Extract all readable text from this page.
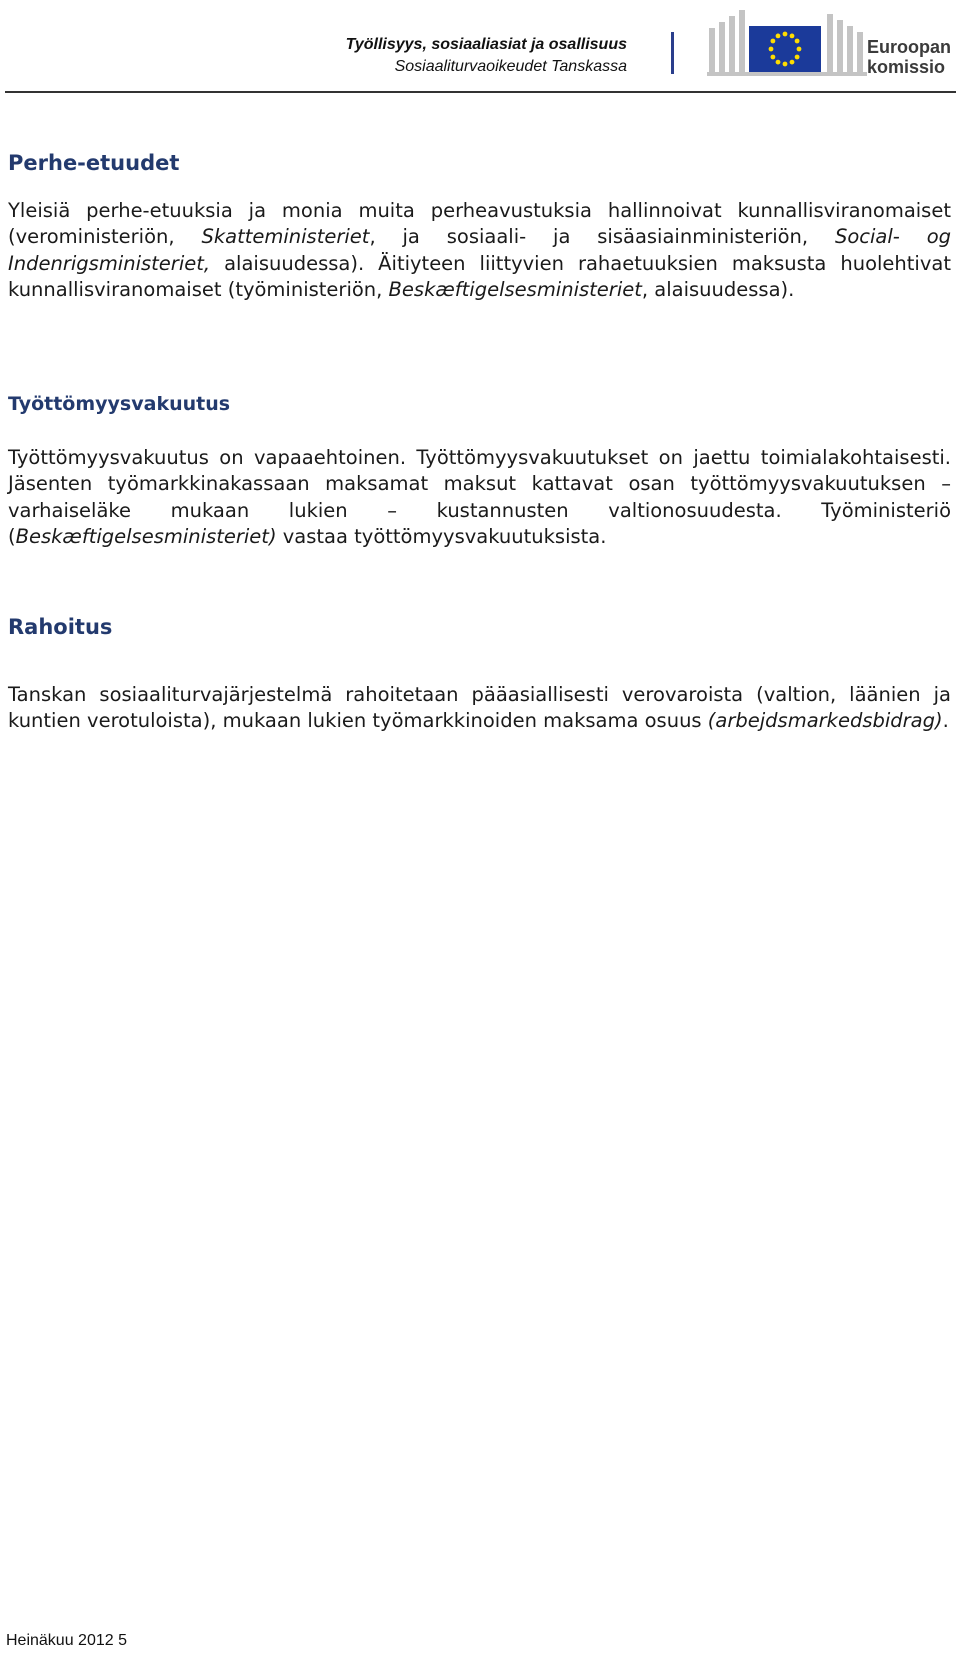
Työllisyys, sosiaaliasiat ja osallisuus

Sosiaaliturvaoikeudet Tanskassa

Euroopan

komissio

Perhe-etuudet

Yleisiä perhe-etuuksia ja monia muita perheavustuksia hallinnoivat kunnallisviranomaiset (veroministeriön, Skatteministeriet, ja sosiaali- ja sisäasiainministeriön, Social- og Indenrigsministeriet, alaisuudessa). Äitiyteen liittyvien rahaetuuksien maksusta huolehtivat kunnallisviranomaiset (työministeriön, Beskæftigelsesministeriet, alaisuudessa).

Työttömyysvakuutus

Työttömyysvakuutus on vapaaehtoinen. Työttömyysvakuutukset on jaettu toimialakohtaisesti. Jäsenten työmarkkinakassaan maksamat maksut kattavat osan työttömyysvakuutuksen – varhaiseläke mukaan lukien – kustannusten valtionosuudesta. Työministeriö (Beskæftigelsesministeriet) vastaa työttömyysvakuutuksista.

Rahoitus

Tanskan sosiaaliturvajärjestelmä rahoitetaan pääasiallisesti verovaroista (valtion, läänien ja kuntien verotuloista), mukaan lukien työmarkkinoiden maksama osuus (arbejdsmarkedsbidrag).

Heinäkuu 2012 5
